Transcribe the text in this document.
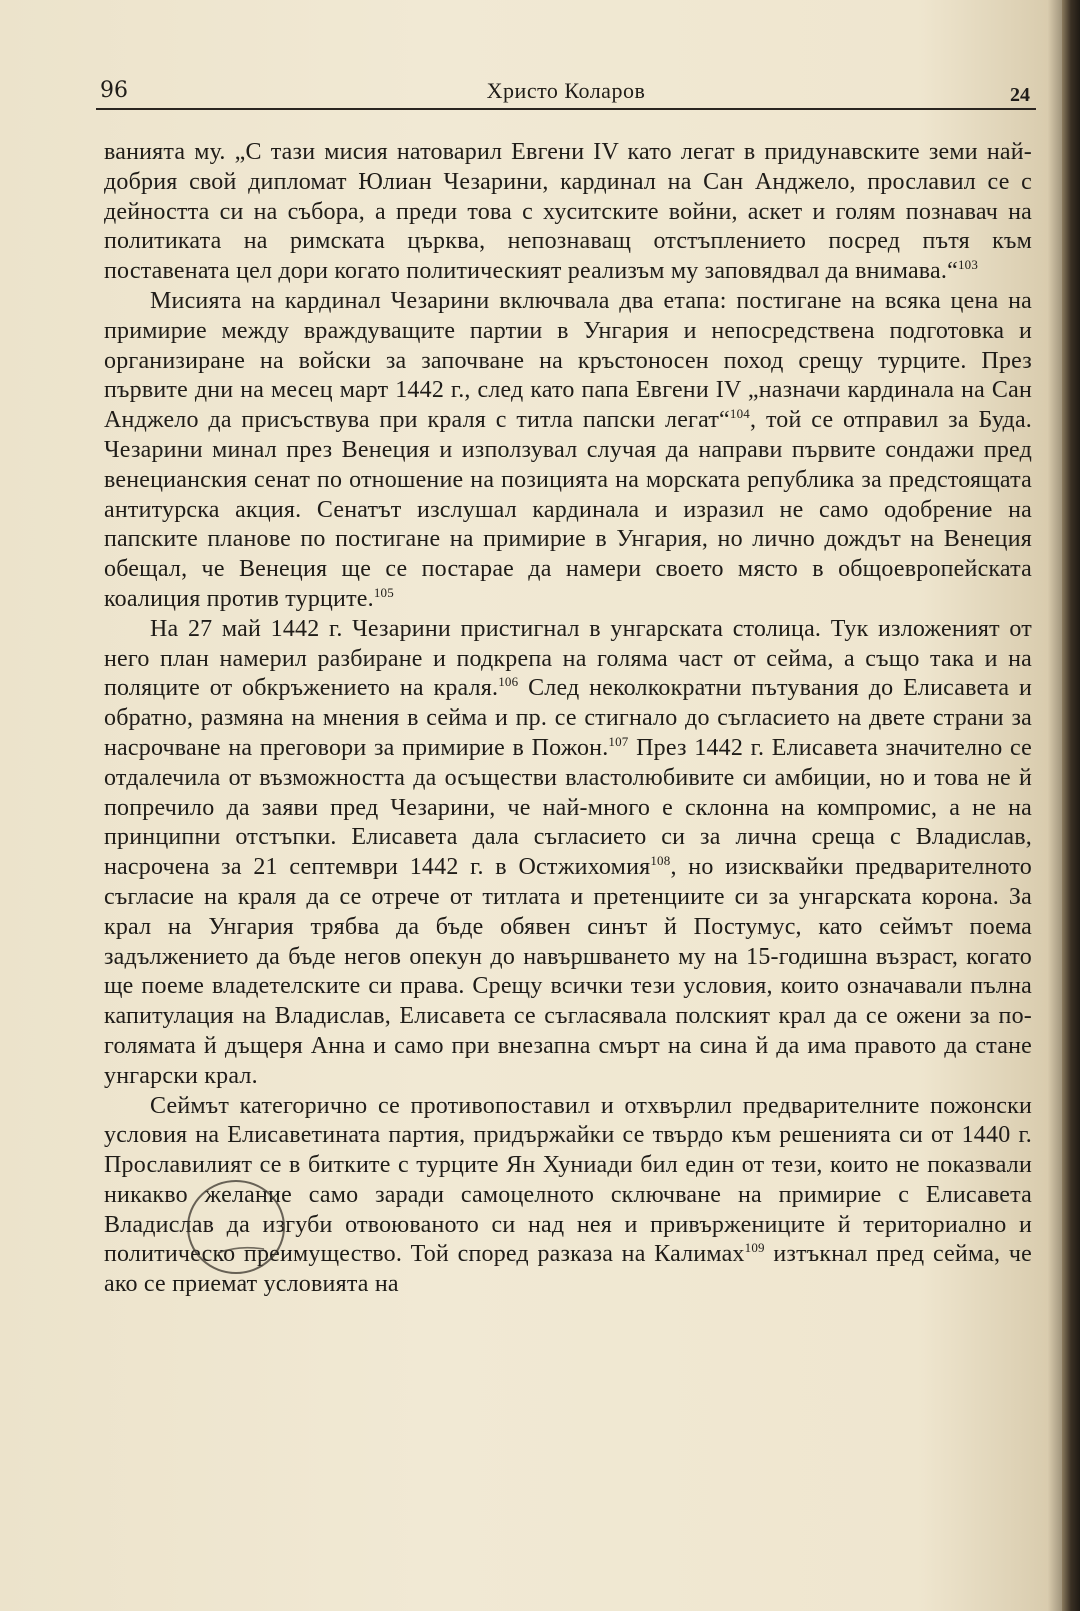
96	Христо Коларов	24

ванията му. „С тази мисия натоварил Евгени IV като легат в придунавските земи най-добрия свой дипломат Юлиан Чезарини, кардинал на Сан Анджело, прославил се с дейността си на събора, а преди това с хуситските войни, аскет и голям познавач на политиката на римската църква, непознаващ отстъплението посред пътя към поставената цел дори когато политическият реализъм му заповядвал да внимава.“$^{103}$

Мисията на кардинал Чезарини включвала два етапа: постигане на всяка цена на примирие между враждуващите партии в Унгария и непосредствена подготовка и организиране на войски за започване на кръстоносен поход срещу турците. През първите дни на месец март 1442 г., след като папа Евгени IV „назначи кардинала на Сан Анджело да присъствува при краля с титла папски легат“$^{104}$, той се отправил за Буда. Чезарини минал през Венеция и използувал случая да направи първите сондажи пред венецианския сенат по отношение на позицията на морската република за предстоящата антитурска акция. Сенатът изслушал кардинала и изразил не само одобрение на папските планове по постигане на примирие в Унгария, но лично дождът на Венеция обещал, че Венеция ще се постарае да намери своето място в общоевропейската коалиция против турците.$^{105}$

На 27 май 1442 г. Чезарини пристигнал в унгарската столица. Тук изложеният от него план намерил разбиране и подкрепа на голяма част от сейма, а също така и на поляците от обкръжението на краля.$^{106}$ След неколкократни пътувания до Елисавета и обратно, размяна на мнения в сейма и пр. се стигнало до съгласието на двете страни за насрочване на преговори за примирие в Пожон.$^{107}$ През 1442 г. Елисавета значително се отдалечила от възможността да осъществи властолюбивите си амбиции, но и това не й попречило да заяви пред Чезарини, че най-много е склонна на компромис, а не на принципни отстъпки. Елисавета дала съгласието си за лична среща с Владислав, насрочена за 21 септември 1442 г. в Остжихомия$^{108}$, но изисквайки предварителното съгласие на краля да се отрече от титлата и претенциите си за унгарската корона. За крал на Унгария трябва да бъде обявен синът й Постумус, като сеймът поема задължението да бъде негов опекун до навършването му на 15-годишна възраст, когато ще поеме владетелските си права. Срещу всички тези условия, които означавали пълна капитулация на Владислав, Елисавета се съгласявала полският крал да се ожени за по-голямата й дъщеря Анна и само при внезапна смърт на сина й да има правото да стане унгарски крал.

Сеймът категорично се противопоставил и отхвърлил предварителните пожонски условия на Елисаветината партия, придържайки се твърдо към решенията си от 1440 г. Прославилият се в битките с турците Ян Хуниади бил един от тези, които не показвали никакво желание само заради самоцелното сключване на примирие с Елисавета Владислав да изгуби отвоюваното си над нея и привържениците й териториално и политическо преимущество. Той според разказа на Калимах$^{109}$ изтъкнал пред сейма, че ако се приемат условията на
